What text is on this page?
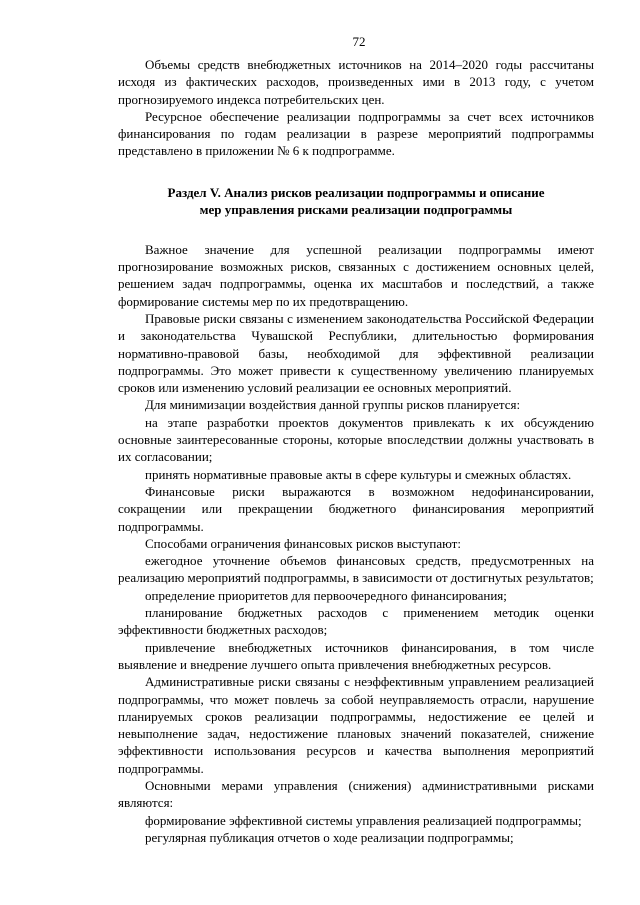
72

Объемы средств внебюджетных источников на 2014–2020 годы рассчитаны исходя из фактических расходов, произведенных ими в 2013 году, с учетом прогнозируемого индекса потребительских цен.

Ресурсное обеспечение реализации подпрограммы за счет всех источников финансирования по годам реализации в разрезе мероприятий подпрограммы представлено в приложении № 6 к подпрограмме.

Раздел V. Анализ рисков реализации подпрограммы и описание
мер управления рисками реализации подпрограммы

Важное значение для успешной реализации подпрограммы имеют прогнозирование возможных рисков, связанных с достижением основных целей, решением задач подпрограммы, оценка их масштабов и последствий, а также формирование системы мер по их предотвращению.

Правовые риски связаны с изменением законодательства Российской Федерации и законодательства Чувашской Республики, длительностью формирования нормативно-правовой базы, необходимой для эффективной реализации подпрограммы. Это может привести к существенному увеличению планируемых сроков или изменению условий реализации ее основных мероприятий.

Для минимизации воздействия данной группы рисков планируется:

на этапе разработки проектов документов привлекать к их обсуждению основные заинтересованные стороны, которые впоследствии должны участвовать в их согласовании;

принять нормативные правовые акты в сфере культуры и смежных областях.

Финансовые риски выражаются в возможном недофинансировании, сокращении или прекращении бюджетного финансирования мероприятий подпрограммы.

Способами ограничения финансовых рисков выступают:

ежегодное уточнение объемов финансовых средств, предусмотренных на реализацию мероприятий подпрограммы, в зависимости от достигнутых результатов;

определение приоритетов для первоочередного финансирования;

планирование бюджетных расходов с применением методик оценки эффективности бюджетных расходов;

привлечение внебюджетных источников финансирования, в том числе выявление и внедрение лучшего опыта привлечения внебюджетных ресурсов.

Административные риски связаны с неэффективным управлением реализацией подпрограммы, что может повлечь за собой неуправляемость отрасли, нарушение планируемых сроков реализации подпрограммы, недостижение ее целей и невыполнение задач, недостижение плановых значений показателей, снижение эффективности использования ресурсов и качества выполнения мероприятий подпрограммы.

Основными мерами управления (снижения) административными рисками являются:

формирование эффективной системы управления реализацией подпрограммы;

регулярная публикация отчетов о ходе реализации подпрограммы;
